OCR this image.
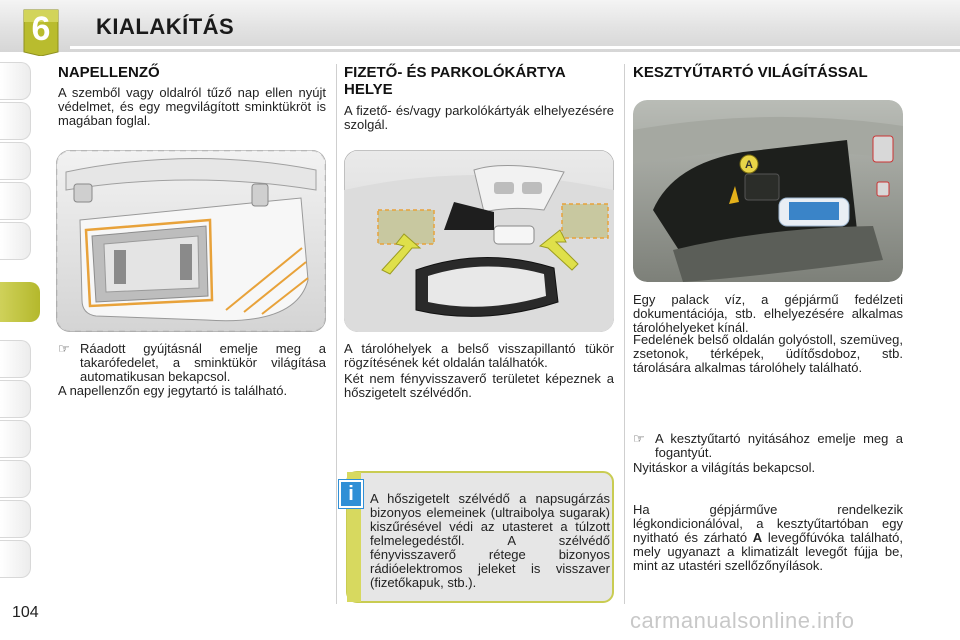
6	KIALAKÍTÁS
NAPELLENZŐ

A szemből vagy oldalról tűző nap ellen nyújt védelmet, és egy megvilágított sminktükröt is magában foglal.

☞ Ráadott gyújtásnál emelje meg a takarófedelet, a sminktükör világítása automatikusan bekapcsol.

A napellenzőn egy jegytartó is található.

FIZETŐ- ÉS PARKOLÓKÁRTYA HELYE

A fizető- és/vagy parkolókártyák elhelyezésére szolgál.

A tárolóhelyek a belső visszapillantó tükör rögzítésének két oldalán találhatók.

Két nem fényvisszaverő területet képeznek a hőszigetelt szélvédőn.

i	A hőszigetelt szélvédő a napsugárzás bizonyos elemeinek (ultraibolya sugarak) kiszűrésével védi az utasteret a túlzott felmelegedéstől. A szélvédő fényvisszaverő rétege bizonyos rádióelektromos jeleket is visszaver (fizetőkapuk, stb.).
KESZTYŰTARTÓ VILÁGÍTÁSSAL
A

Egy palack víz, a gépjármű fedélzeti dokumentációja, stb. elhelyezésére alkalmas tárolóhelyeket kínál.

Fedelének belső oldalán golyóstoll, szemüveg, zsetonok, térképek, üdítősdoboz, stb. tárolására alkalmas tárolóhely található.

☞ A kesztyűtartó nyitásához emelje meg a fogantyút.

Nyitáskor a világítás bekapcsol.

Ha gépjárműve rendelkezik légkondicionálóval, a kesztyűtartóban egy nyitható és zárható A levegőfúvóka található, mely ugyanazt a klimatizált levegőt fújja be, mint az utastéri szellőzőnyílások.

104	carmanualsonline.info
